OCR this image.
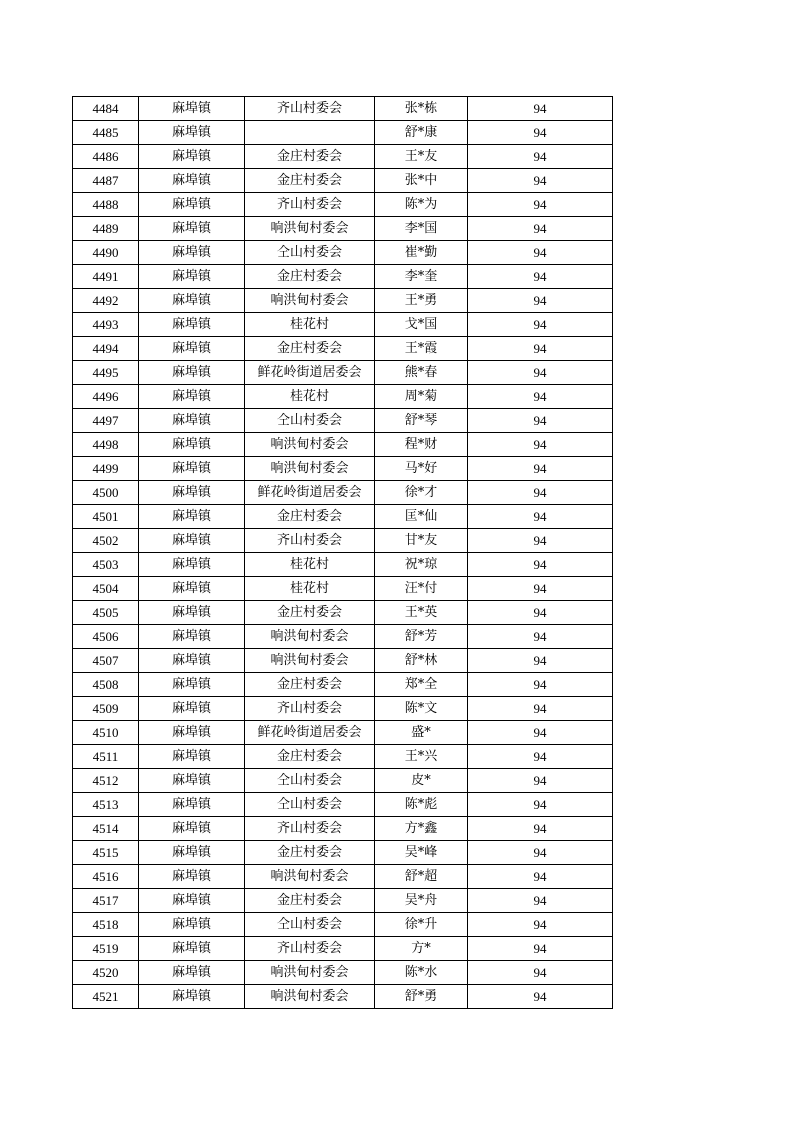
4484	麻埠镇	齐山村委会	张*栋	94
4485	麻埠镇		舒*康	94
4486	麻埠镇	金庄村委会	王*友	94
4487	麻埠镇	金庄村委会	张*中	94
4488	麻埠镇	齐山村委会	陈*为	94
4489	麻埠镇	响洪甸村委会	李*国	94
4490	麻埠镇	仝山村委会	崔*勤	94
4491	麻埠镇	金庄村委会	李*奎	94
4492	麻埠镇	响洪甸村委会	王*勇	94
4493	麻埠镇	桂花村	戈*国	94
4494	麻埠镇	金庄村委会	王*霞	94
4495	麻埠镇	鲜花岭街道居委会	熊*春	94
4496	麻埠镇	桂花村	周*菊	94
4497	麻埠镇	仝山村委会	舒*琴	94
4498	麻埠镇	响洪甸村委会	程*财	94
4499	麻埠镇	响洪甸村委会	马*好	94
4500	麻埠镇	鲜花岭街道居委会	徐*才	94
4501	麻埠镇	金庄村委会	匡*仙	94
4502	麻埠镇	齐山村委会	甘*友	94
4503	麻埠镇	桂花村	祝*琼	94
4504	麻埠镇	桂花村	汪*付	94
4505	麻埠镇	金庄村委会	王*英	94
4506	麻埠镇	响洪甸村委会	舒*芳	94
4507	麻埠镇	响洪甸村委会	舒*林	94
4508	麻埠镇	金庄村委会	郑*全	94
4509	麻埠镇	齐山村委会	陈*文	94
4510	麻埠镇	鲜花岭街道居委会	盛*	94
4511	麻埠镇	金庄村委会	王*兴	94
4512	麻埠镇	仝山村委会	皮*	94
4513	麻埠镇	仝山村委会	陈*彪	94
4514	麻埠镇	齐山村委会	方*鑫	94
4515	麻埠镇	金庄村委会	吴*峰	94
4516	麻埠镇	响洪甸村委会	舒*超	94
4517	麻埠镇	金庄村委会	吴*舟	94
4518	麻埠镇	仝山村委会	徐*升	94
4519	麻埠镇	齐山村委会	方*	94
4520	麻埠镇	响洪甸村委会	陈*水	94
4521	麻埠镇	响洪甸村委会	舒*勇	94
